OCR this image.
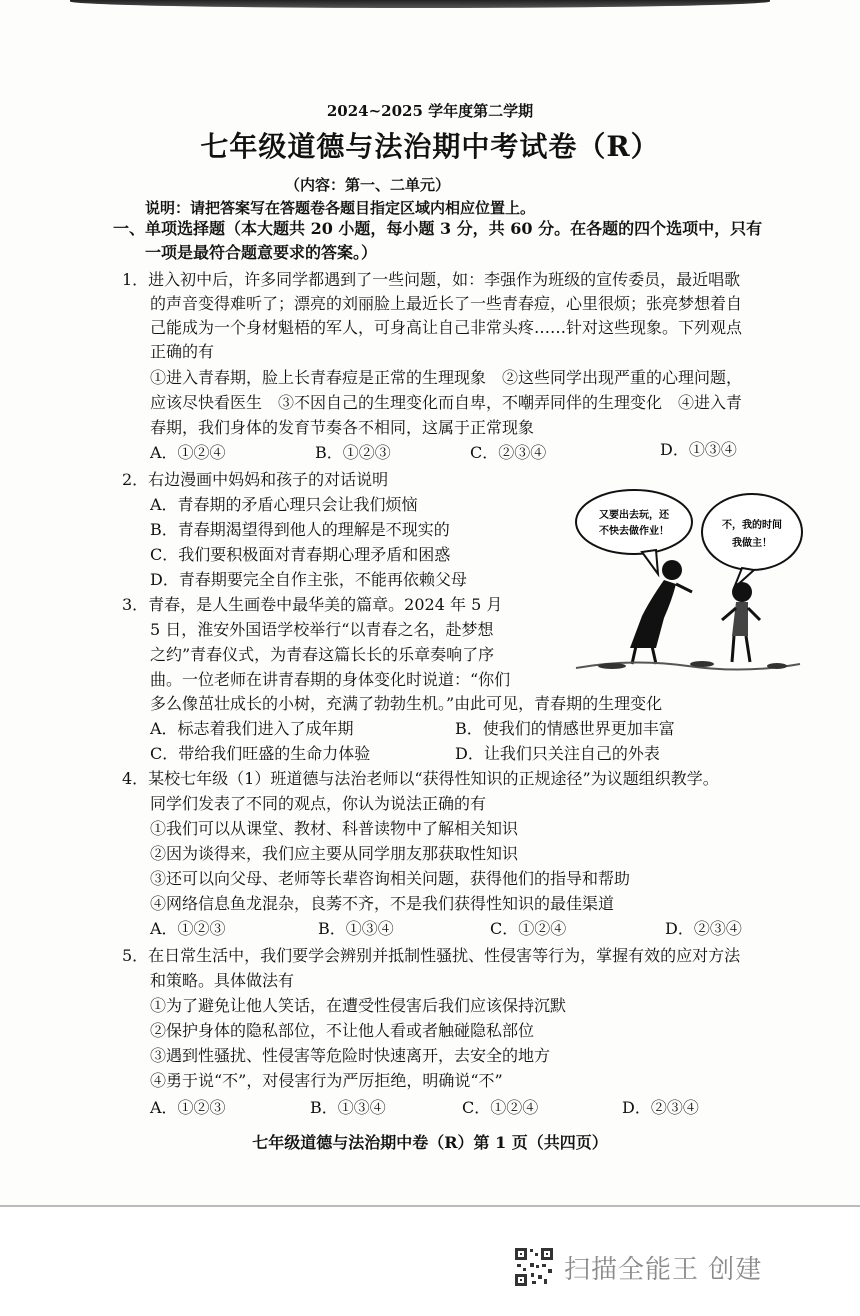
2024~2025 学年度第二学期
七年级道德与法治期中考试卷（R）
（内容：第一、二单元）
说明：请把答案写在答题卷各题目指定区域内相应位置上。
一、单项选择题（本大题共 20 小题，每小题 3 分，共 60 分。在各题的四个选项中，只有
一项是最符合题意要求的答案。）
1．进入初中后，许多同学都遇到了一些问题，如：李强作为班级的宣传委员，最近唱歌
的声音变得难听了；漂亮的刘丽脸上最近长了一些青春痘，心里很烦；张亮梦想着自
己能成为一个身材魁梧的军人，可身高让自己非常头疼……针对这些现象。下列观点
正确的有
①进入青春期，脸上长青春痘是正常的生理现象　②这些同学出现严重的心理问题，
应该尽快看医生　③不因自己的生理变化而自卑，不嘲弄同伴的生理变化　④进入青
春期，我们身体的发育节奏各不相同，这属于正常现象
A．①②④	B．①②③	C．②③④	D．①③④
2．右边漫画中妈妈和孩子的对话说明
A．青春期的矛盾心理只会让我们烦恼
B．青春期渴望得到他人的理解是不现实的
C．我们要积极面对青春期心理矛盾和困惑
D．青春期要完全自作主张，不能再依赖父母
又要出去玩，还
不快去做作业！
不，我的时间
我做主！
3．青春，是人生画卷中最华美的篇章。2024 年 5 月
5 日，淮安外国语学校举行“以青春之名，赴梦想
之约”青春仪式，为青春这篇长长的乐章奏响了序
曲。一位老师在讲青春期的身体变化时说道：“你们
多么像茁壮成长的小树，充满了勃勃生机。”由此可见，青春期的生理变化
A．标志着我们进入了成年期	B．使我们的情感世界更加丰富
C．带给我们旺盛的生命力体验	D．让我们只关注自己的外表
4．某校七年级（1）班道德与法治老师以“获得性知识的正规途径”为议题组织教学。
同学们发表了不同的观点，你认为说法正确的有
①我们可以从课堂、教材、科普读物中了解相关知识
②因为谈得来，我们应主要从同学朋友那获取性知识
③还可以向父母、老师等长辈咨询相关问题，获得他们的指导和帮助
④网络信息鱼龙混杂，良莠不齐，不是我们获得性知识的最佳渠道
A．①②③	B．①③④	C．①②④	D．②③④
5．在日常生活中，我们要学会辨别并抵制性骚扰、性侵害等行为，掌握有效的应对方法
和策略。具体做法有
①为了避免让他人笑话，在遭受性侵害后我们应该保持沉默
②保护身体的隐私部位，不让他人看或者触碰隐私部位
③遇到性骚扰、性侵害等危险时快速离开，去安全的地方
④勇于说“不”，对侵害行为严厉拒绝，明确说“不”
A．①②③	B．①③④	C．①②④	D．②③④
七年级道德与法治期中卷（R）第 1 页（共四页）
扫描全能王 创建
